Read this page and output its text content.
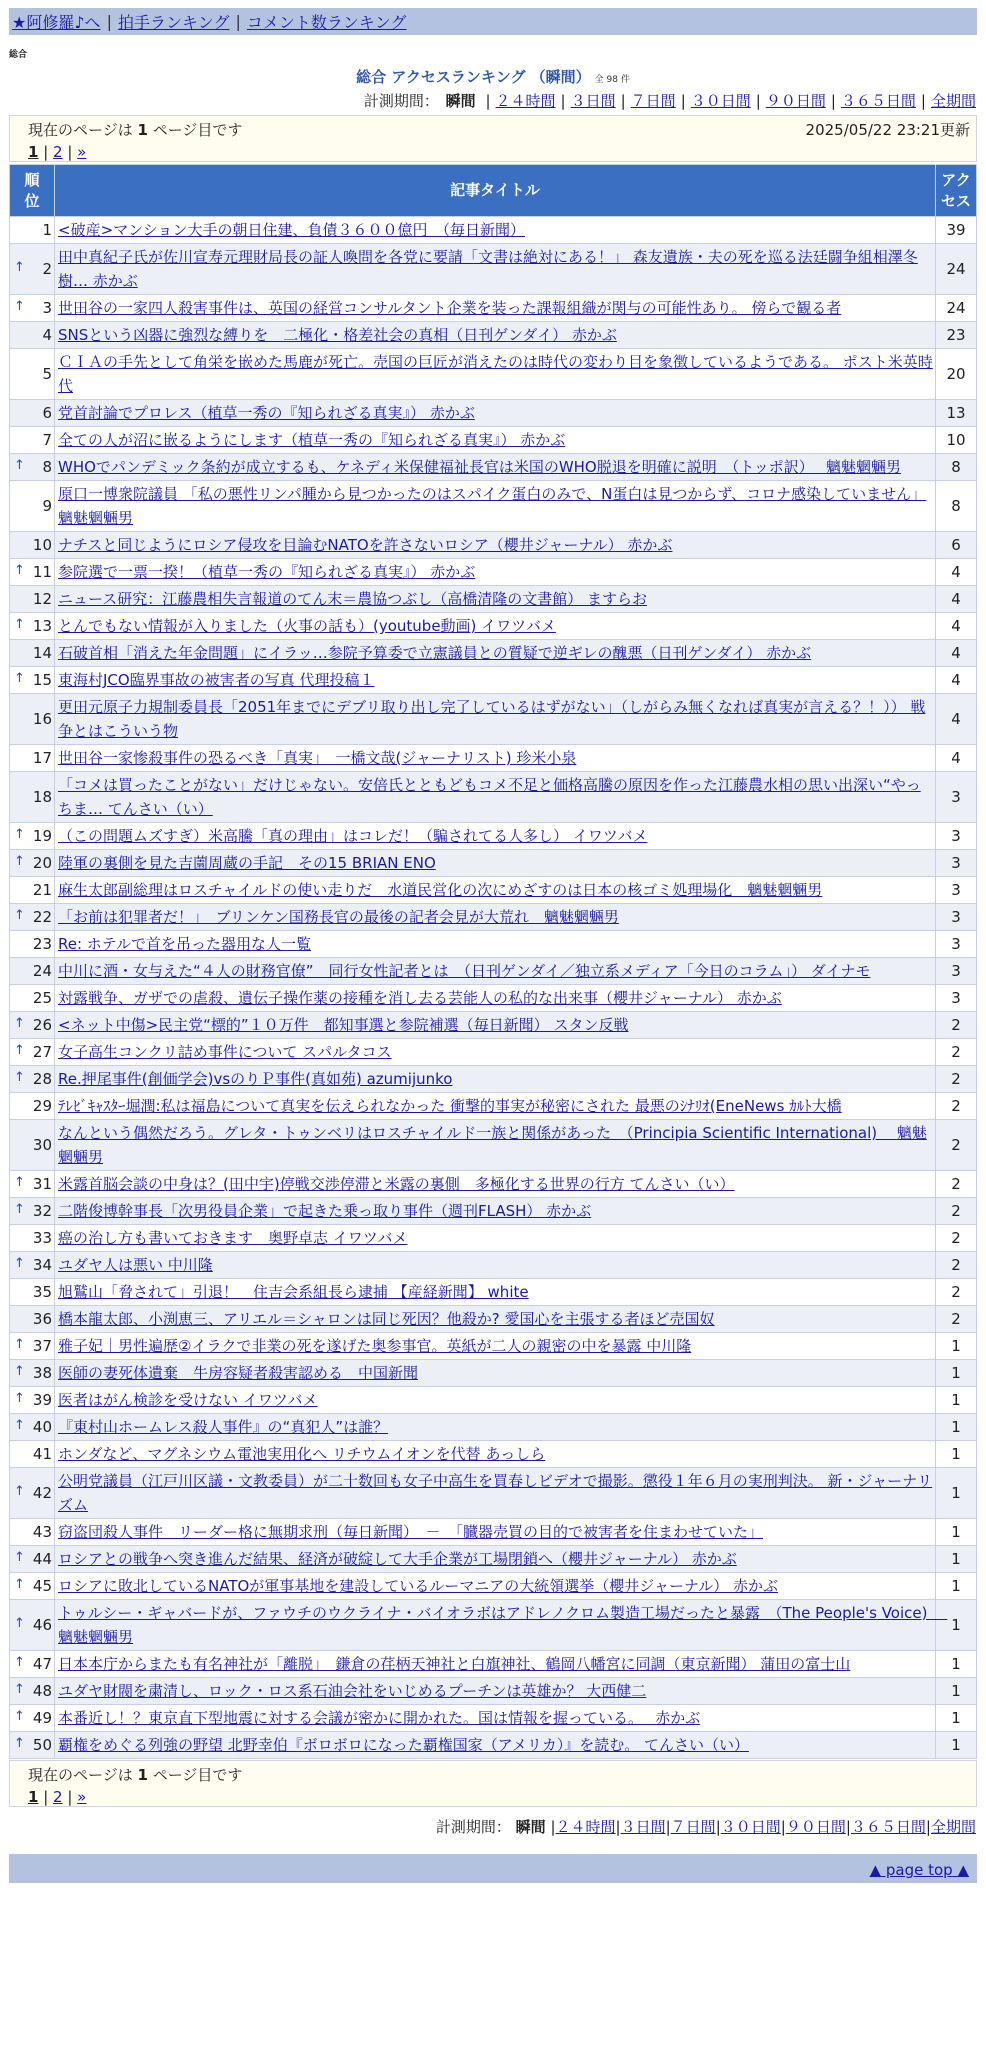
★阿修羅♪へ | 拍手ランキング | コメント数ランキング
総合
総合 アクセスランキング （瞬間） 全 98 件
計測期間： 瞬間 | ２４時間 | ３日間 | ７日間 | ３０日間 | ９０日間 | ３６５日間 | 全期間
現在のページは 1 ページ目です	2025/05/22 23:21更新
1 | 2 | »
順位	記事タイトル	アクセス

1	<破産>マンション大手の朝日住建、負債３６００億円　（毎日新聞）	39

↑ 2	田中真紀子氏が佐川宣寿元理財局長の証人喚問を各党に要請「文書は絶対にある！」 森友遺族・夫の死を巡る法廷闘争組相澤冬樹… 赤かぶ	24

↑ 3	世田谷の一家四人殺害事件は、英国の経営コンサルタント企業を装った課報組織が関与の可能性あり。 傍らで観る者	24
4	SNSという凶器に強烈な縛りを　二極化・格差社会の真相（日刊ゲンダイ） 赤かぶ	23
5	ＣＩＡの手先として角栄を嵌めた馬鹿が死亡。売国の巨匠が消えたのは時代の変わり目を象徴しているようである。 ポスト米英時代	20
6	党首討論でプロレス（植草一秀の『知られざる真実』） 赤かぶ	13
7	全ての人が沼に嵌るようにします（植草一秀の『知られざる真実』） 赤かぶ	10

↑ 8	WHOでパンデミック条約が成立するも、ケネディ米保健福祉長官は米国のWHO脱退を明確に説明　（トッポ訳）　 魑魅魍魎男	8
9	原口一博衆院議員 「私の悪性リンパ腫から見つかったのはスパイク蛋白のみで、N蛋白は見つからず、コロナ感染していません」 魑魅魍魎男	8
10	ナチスと同じようにロシア侵攻を目論むNATOを許さないロシア（櫻井ジャーナル） 赤かぶ	6

↑ 11	参院選で一票一揆！（植草一秀の『知られざる真実』） 赤かぶ	4
12	ニュース研究：江藤農相失言報道のてん末＝農協つぶし（高橋清隆の文書館） ますらお	4

↑ 13	とんでもない情報が入りました（火事の話も）(youtube動画) イワツバメ	4
14	石破首相「消えた年金問題」にイラッ…参院予算委で立憲議員との質疑で逆ギレの醜悪（日刊ゲンダイ） 赤かぶ	4

↑ 15	東海村JCO臨界事故の被害者の写真 代理投稿１	4
16	更田元原子力規制委員長「2051年までにデブリ取り出し完了しているはずがない」（しがらみ無くなれば真実が言える？！）） 戦争とはこういう物	4
17	世田谷一家惨殺事件の恐るべき「真実」　一橋文哉(ジャーナリスト) 珍米小泉	4
18	「コメは買ったことがない」だけじゃない。安倍氏とともどもコメ不足と価格高騰の原因を作った江藤農水相の思い出深い“やっちま… てんさい（い）	3

↑ 19	（この問題ムズすぎ）米高騰「真の理由」はコレだ！（騙されてる人多し） イワツバメ	3

↑ 20	陸軍の裏側を見た吉薗周蔵の手記　その15 BRIAN ENO	3
21	麻生太郎副総理はロスチャイルドの使い走りだ　水道民営化の次にめざすのは日本の核ゴミ処理場化　魑魅魍魎男	3

↑ 22	「お前は犯罪者だ！」　ブリンケン国務長官の最後の記者会見が大荒れ　魑魅魍魎男	3
23	Re: ホテルで首を吊った器用な人一覧	3
24	中川に酒・女与えた“４人の財務官僚”　同行女性記者とは　（日刊ゲンダイ／独立系メディア「今日のコラム」） ダイナモ	3
25	対露戦争、ガザでの虐殺、遺伝子操作薬の接種を消し去る芸能人の私的な出来事（櫻井ジャーナル） 赤かぶ	3

↑ 26	<ネット中傷>民主党“標的”１０万件　都知事選と参院補選（毎日新聞） スタン反戦	2

↑ 27	女子高生コンクリ詰め事件について スパルタコス	2

↑ 28	Re.押尾事件(創価学会)vsのりＰ事件(真如苑) azumijunko	2
29	ﾃﾚﾋﾞｷｬｽﾀｰ堀潤:私は福島について真実を伝えられなかった 衝撃的事実が秘密にされた 最悪のｼﾅﾘｵ(EneNews ｶﾙﾄ大橋	2
30	なんという偶然だろう。グレタ・トゥンベリはロスチャイルド一族と関係があった　（Principia Scientific International)　 魑魅魍魎男	2

↑ 31	米露首脳会談の中身は？(田中宇)停戦交渉停滞と米露の裏側　多極化する世界の行方 てんさい（い）	2

↑ 32	二階俊博幹事長「次男役員企業」で起きた乗っ取り事件（週刊FLASH） 赤かぶ	2
33	癌の治し方も書いておきます　奥野卓志 イワツバメ	2

↑ 34	ユダヤ人は悪い 中川隆	2
35	旭鷲山「脅されて」引退！　住吉会系組長ら逮捕 【産経新聞】 white	2
36	橋本龍太郎、小渕恵三、アリエル＝シャロンは同じ死因？他殺か? 愛国心を主張する者ほど売国奴	2

↑ 37	雅子妃｜男性遍歴②イラクで非業の死を遂げた奥参事官。英紙が二人の親密の中を暴露 中川隆	1

↑ 38	医師の妻死体遺棄　牛房容疑者殺害認める　中国新聞	1

↑ 39	医者はがん検診を受けない イワツバメ	1

↑ 40	『東村山ホームレス殺人事件』の“真犯人”は誰？	1
41	ホンダなど、マグネシウム電池実用化へ リチウムイオンを代替 あっしら	1

↑ 42	公明党議員（江戸川区議・文教委員）が二十数回も女子中高生を買春しビデオで撮影。懲役１年６月の実刑判決。 新・ジャーナリズム	1
43	窃盗団殺人事件　リーダー格に無期求刑（毎日新聞）　－　「臓器売買の目的で被害者を住まわせていた」	1

↑ 44	ロシアとの戦争へ突き進んだ結果、経済が破綻して大手企業が工場閉鎖へ（櫻井ジャーナル） 赤かぶ	1

↑ 45	ロシアに敗北しているNATOが軍事基地を建設しているルーマニアの大統領選挙（櫻井ジャーナル） 赤かぶ	1

↑ 46	トゥルシー・ギャバードが、ファウチのウクライナ・バイオラボはアドレノクロム製造工場だったと暴露　（The People's Voice)　 魑魅魍魎男	1

↑ 47	日本本庁からまたも有名神社が「離脱」　鎌倉の荏柄天神社と白旗神社、鶴岡八幡宮に同調（東京新聞） 蒲田の富士山	1

↑ 48	ユダヤ財閥を粛清し、ロック・ロス系石油会社をいじめるプーチンは英雄か？ 大西健二	1

↑ 49	本番近し！？東京直下型地震に対する会議が密かに開かれた。国は情報を握っている。　 赤かぶ	1

↑ 50	覇権をめぐる列強の野望 北野幸伯『ボロボロになった覇権国家（アメリカ）』を読む。 てんさい（い）	1
現在のページは 1 ページ目です
1 | 2 | »
計測期間： 瞬間 |２４時間|３日間|７日間|３０日間|９０日間|３６５日間|全期間
▲ page top ▲
